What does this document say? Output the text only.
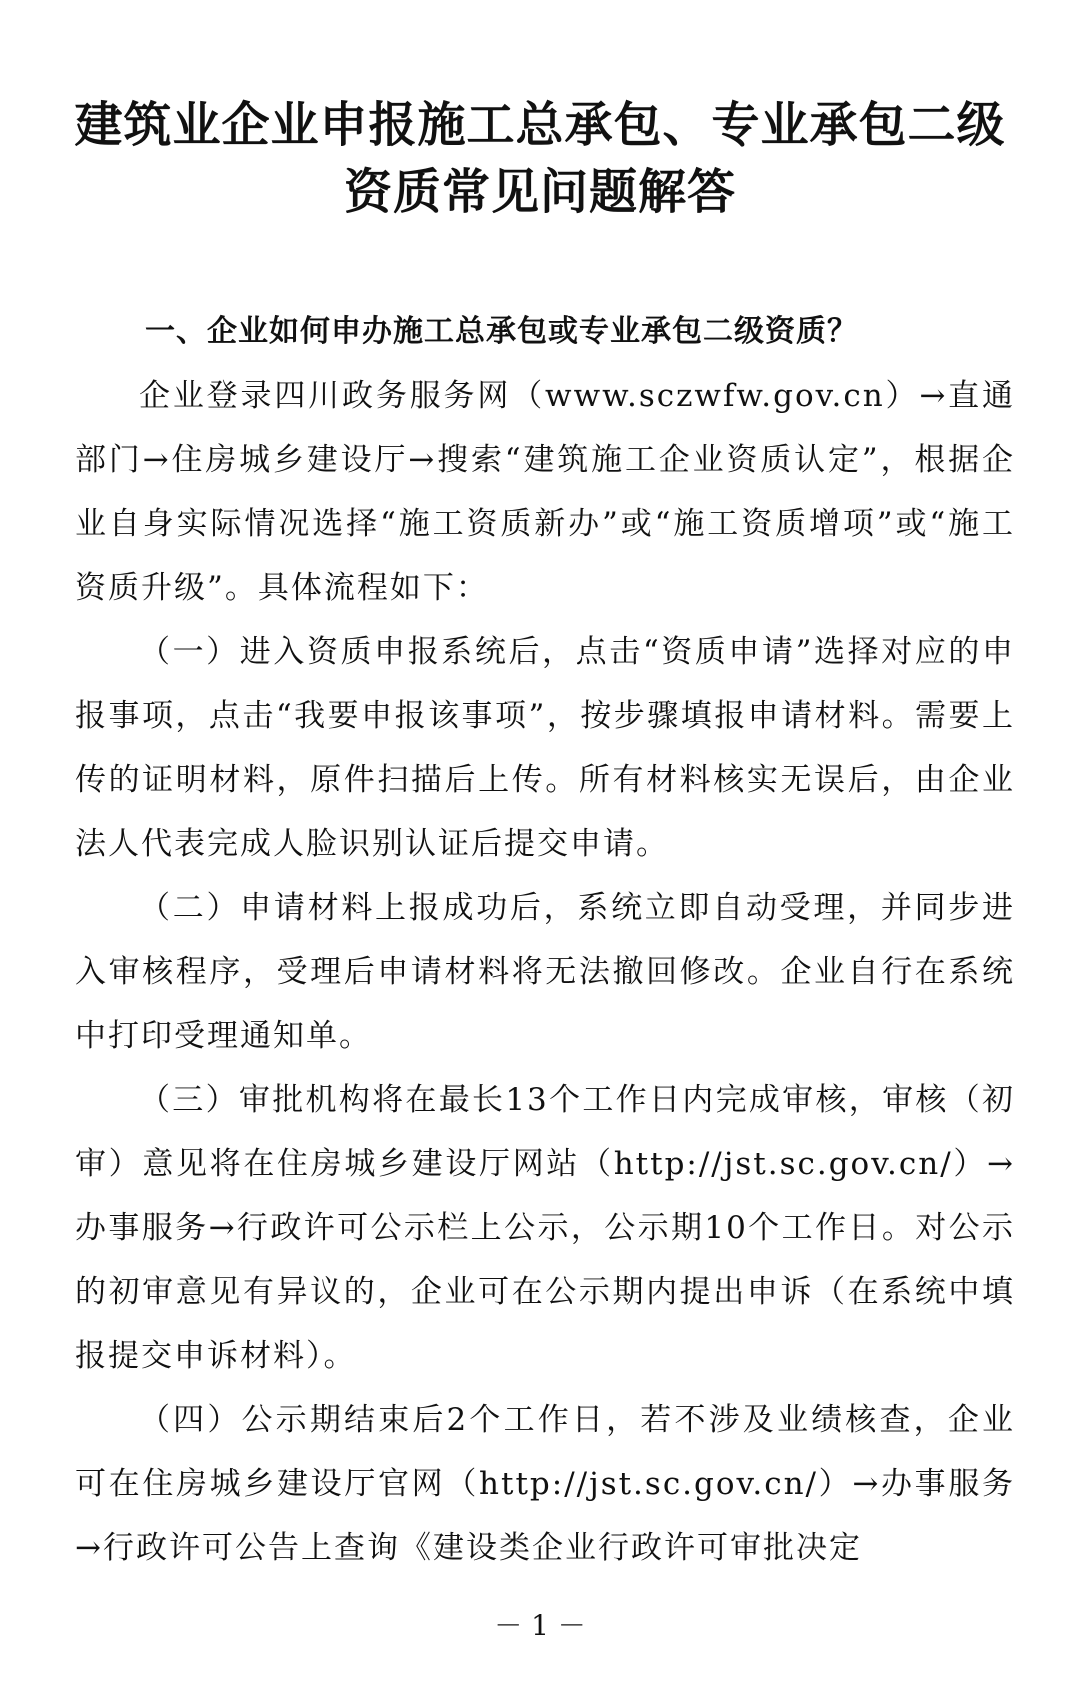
建筑业企业申报施工总承包、专业承包二级
资质常见问题解答

一、企业如何申办施工总承包或专业承包二级资质？

企业登录四川政务服务网（www.sczwfw.gov.cn）→直通部门→住房城乡建设厅→搜索“建筑施工企业资质认定”，根据企业自身实际情况选择“施工资质新办”或“施工资质增项”或“施工资质升级”。具体流程如下：

（一）进入资质申报系统后，点击“资质申请”选择对应的申报事项，点击“我要申报该事项”，按步骤填报申请材料。需要上传的证明材料，原件扫描后上传。所有材料核实无误后，由企业法人代表完成人脸识别认证后提交申请。

（二）申请材料上报成功后，系统立即自动受理，并同步进入审核程序，受理后申请材料将无法撤回修改。企业自行在系统中打印受理通知单。

（三）审批机构将在最长13个工作日内完成审核，审核（初审）意见将在住房城乡建设厅网站（http://jst.sc.gov.cn/）→办事服务→行政许可公示栏上公示，公示期10个工作日。对公示的初审意见有异议的，企业可在公示期内提出申诉（在系统中填报提交申诉材料）。

（四）公示期结束后2个工作日，若不涉及业绩核查，企业可在住房城乡建设厅官网（http://jst.sc.gov.cn/）→办事服务→行政许可公告上查询《建设类企业行政许可审批决定

－ 1 －
